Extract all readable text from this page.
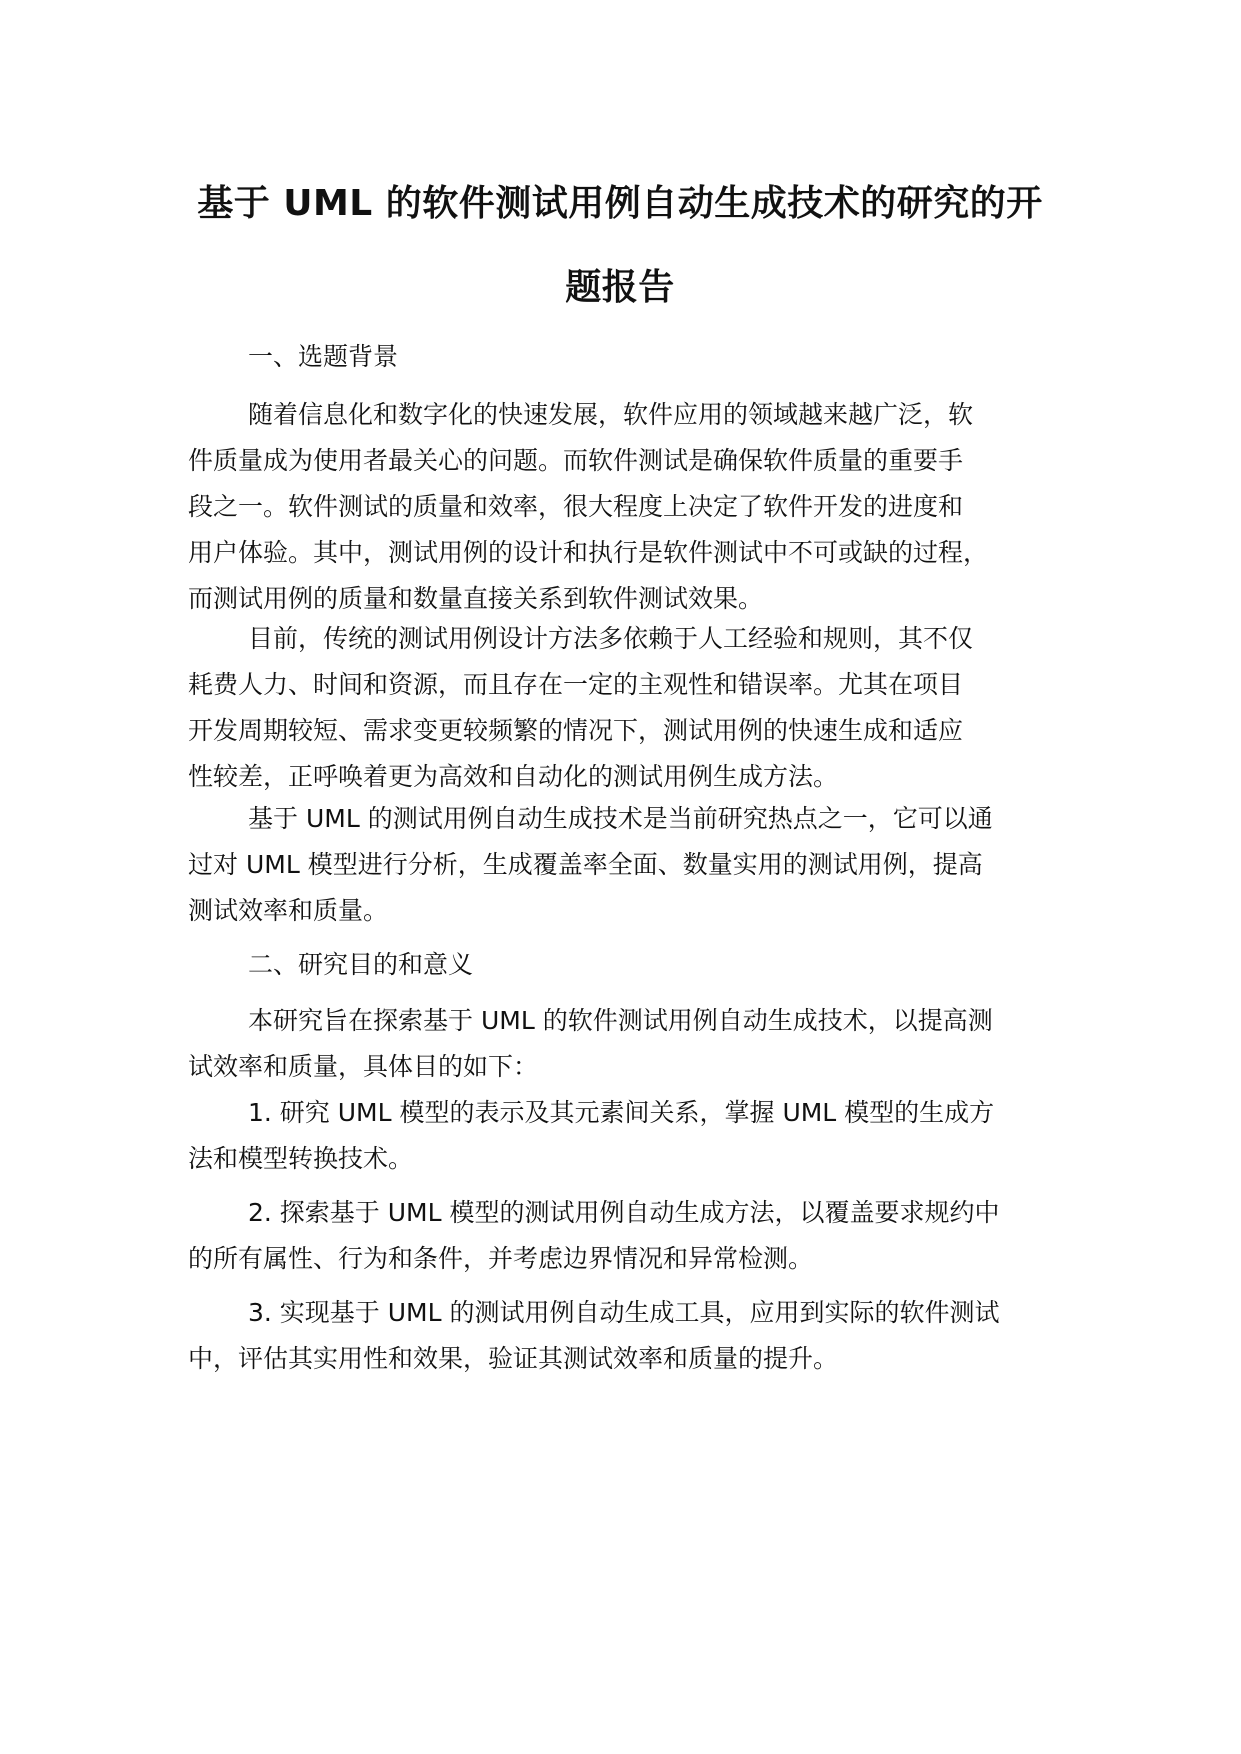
基于 UML 的软件测试用例自动生成技术的研究的开
题报告
一、选题背景
随着信息化和数字化的快速发展，软件应用的领域越来越广泛，软
件质量成为使用者最关心的问题。而软件测试是确保软件质量的重要手
段之一。软件测试的质量和效率，很大程度上决定了软件开发的进度和
用户体验。其中，测试用例的设计和执行是软件测试中不可或缺的过程，
而测试用例的质量和数量直接关系到软件测试效果。
目前，传统的测试用例设计方法多依赖于人工经验和规则，其不仅
耗费人力、时间和资源，而且存在一定的主观性和错误率。尤其在项目
开发周期较短、需求变更较频繁的情况下，测试用例的快速生成和适应
性较差，正呼唤着更为高效和自动化的测试用例生成方法。
基于 UML 的测试用例自动生成技术是当前研究热点之一，它可以通
过对 UML 模型进行分析，生成覆盖率全面、数量实用的测试用例，提高
测试效率和质量。
二、研究目的和意义
本研究旨在探索基于 UML 的软件测试用例自动生成技术，以提高测
试效率和质量，具体目的如下：
1. 研究 UML 模型的表示及其元素间关系，掌握 UML 模型的生成方
法和模型转换技术。
2. 探索基于 UML 模型的测试用例自动生成方法，以覆盖要求规约中
的所有属性、行为和条件，并考虑边界情况和异常检测。
3. 实现基于 UML 的测试用例自动生成工具，应用到实际的软件测试
中，评估其实用性和效果，验证其测试效率和质量的提升。
